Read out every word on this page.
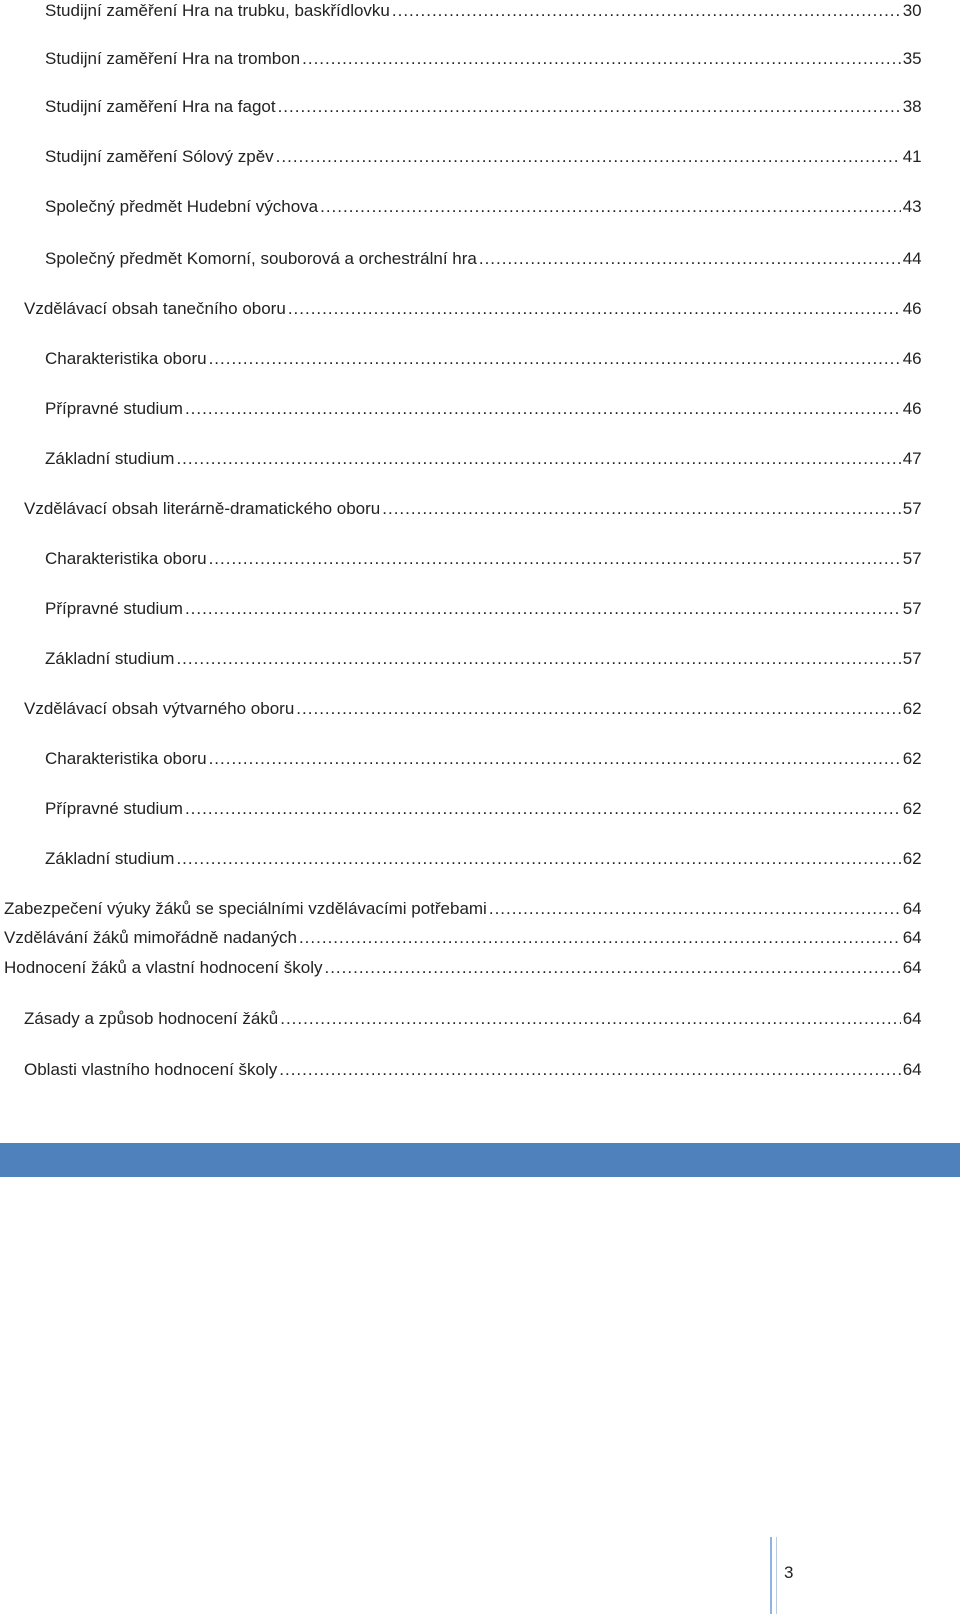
Studijní zaměření Hra na trubku, baskřídlovku .....	30
Studijní zaměření Hra na trombon .....	35
Studijní zaměření Hra na fagot .....	38
Studijní zaměření Sólový zpěv .....	41
Společný předmět Hudební výchova .....	43
Společný předmět Komorní, souborová a orchestrální hra .....	44
Vzdělávací obsah tanečního oboru .....	46
Charakteristika oboru .....	46
Přípravné studium .....	46
Základní studium .....	47
Vzdělávací obsah literárně-dramatického oboru .....	57
Charakteristika oboru .....	57
Přípravné studium .....	57
Základní studium .....	57
Vzdělávací obsah výtvarného oboru .....	62
Charakteristika oboru .....	62
Přípravné studium .....	62
Základní studium .....	62
Zabezpečení výuky žáků se speciálními vzdělávacími potřebami .....	64
Vzdělávání žáků mimořádně nadaných .....	64
Hodnocení žáků a vlastní hodnocení školy .....	64
Zásady a způsob hodnocení žáků .....	64
Oblasti vlastního hodnocení školy .....	64
3
